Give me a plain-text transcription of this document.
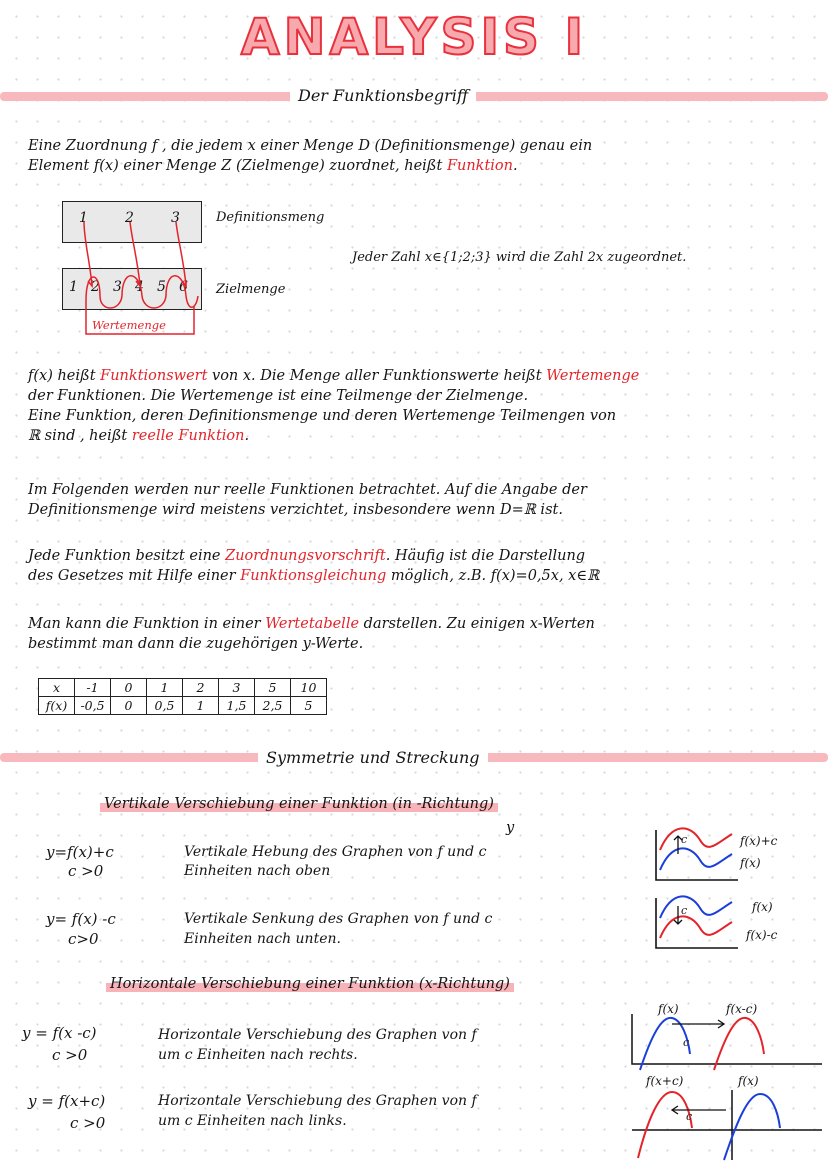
ANALYSIS I
Der Funktionsbegriff
Eine Zuordnung f , die jedem x einer Menge D (Definitionsmenge) genau ein
Element f(x) einer Menge Z (Zielmenge) zuordnet, heißt Funktion.
1	2	3	Definitionsmeng
1 2 3 4 5 6 Zielmenge
Wertemenge
Jeder Zahl x∈{1;2;3} wird die Zahl 2x zugeordnet.
f(x) heißt Funktionswert von x. Die Menge aller Funktionswerte heißt Wertemenge
der Funktionen. Die Wertemenge ist eine Teilmenge der Zielmenge.
Eine Funktion, deren Definitionsmenge und deren Wertemenge Teilmengen von
ℝ sind , heißt reelle Funktion.
Im Folgenden werden nur reelle Funktionen betrachtet. Auf die Angabe der
Definitionsmenge wird meistens verzichtet, insbesondere wenn D=ℝ ist.
Jede Funktion besitzt eine Zuordnungsvorschrift. Häufig ist die Darstellung
des Gesetzes mit Hilfe einer Funktionsgleichung möglich, z.B. f(x)=0,5x, x∈ℝ
Man kann die Funktion in einer Wertetabelle darstellen. Zu einigen x-Werten
bestimmt man dann die zugehörigen y-Werte.
x	-1	0	1	2	3	5	10
f(x)	-0,5	0	0,5	1	1,5	2,5	5
Symmetrie und Streckung
Vertikale Verschiebung einer Funktion (in -Richtung)
y
y=f(x)+c
c >0
Vertikale Hebung des Graphen von f und c
Einheiten nach oben
c	f(x)+c
f(x)
y= f(x) -c
c>0
Vertikale Senkung des Graphen von f und c
Einheiten nach unten.
c	f(x)
f(x)-c
Horizontale Verschiebung einer Funktion (x-Richtung)
y = f(x -c)
c >0
Horizontale Verschiebung des Graphen von f
um c Einheiten nach rechts.
f(x)	f(x-c)
c
y = f(x+c)
c >0
Horizontale Verschiebung des Graphen von f
um c Einheiten nach links.
f(x+c)	f(x)
c
